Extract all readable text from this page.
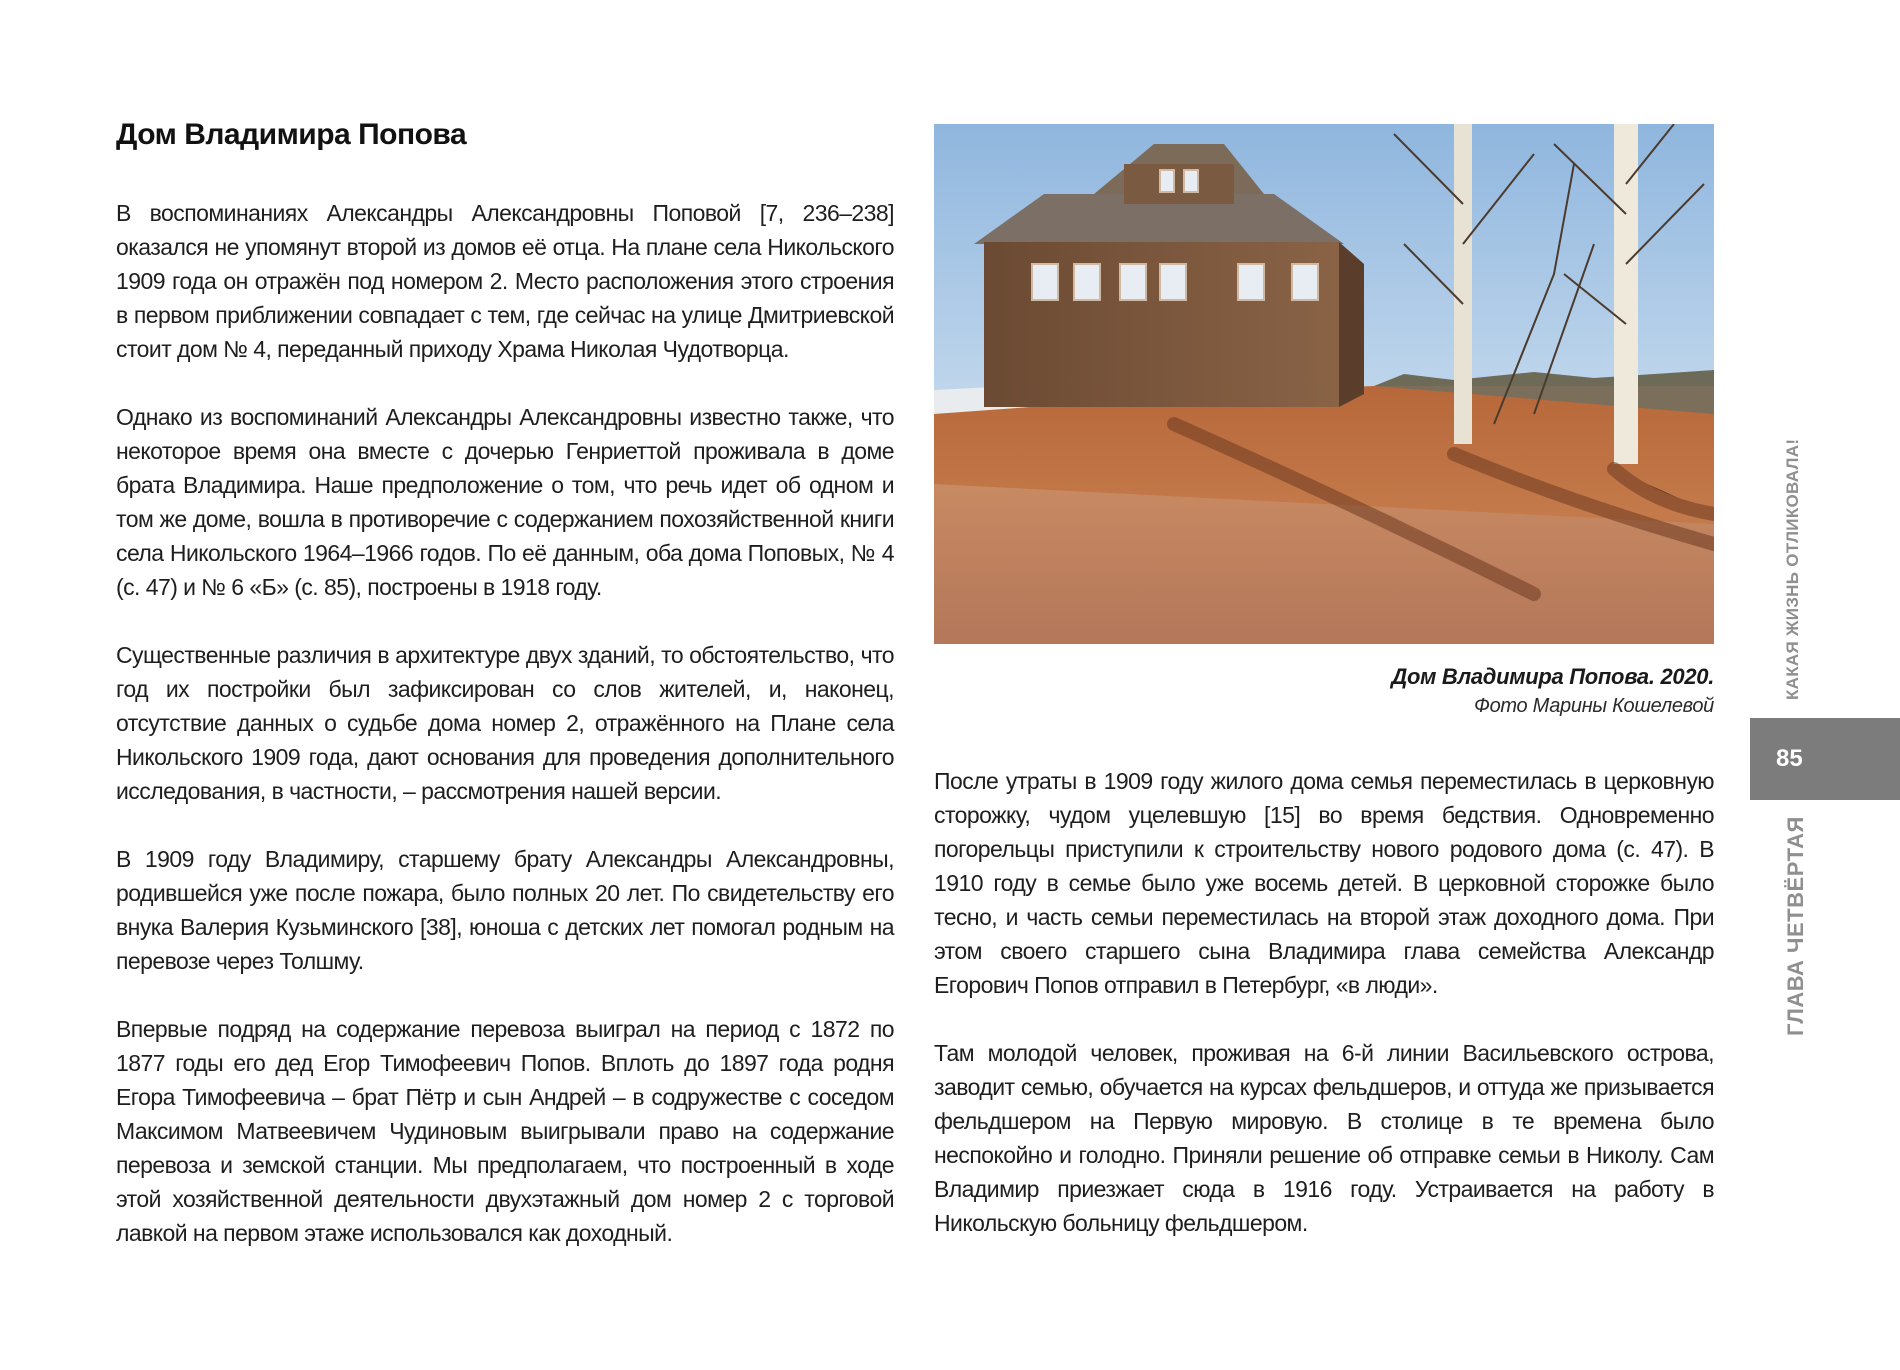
Дом Владимира Попова

В воспоминаниях Александры Александровны Поповой [7, 236–238] оказался не упомянут второй из домов её отца. На плане села Никольского 1909 года он отражён под номером 2. Место расположения этого строения в первом приближении совпадает с тем, где сейчас на улице Дмитриевской стоит дом № 4, переданный приходу Храма Николая Чудотворца.

Однако из воспоминаний Александры Александровны известно также, что некоторое время она вместе с дочерью Генриеттой проживала в доме брата Владимира. Наше предположение о том, что речь идет об одном и том же доме, вошла в противоречие с содержанием похозяйственной книги села Никольского 1964–1966 годов. По её данным, оба дома Поповых, № 4 (с. 47) и № 6 «Б» (с. 85), построены в 1918 году.

Существенные различия в архитектуре двух зданий, то обстоятельство, что год их постройки был зафиксирован со слов жителей, и, наконец, отсутствие данных о судьбе дома номер 2, отражённого на Плане села Никольского 1909 года, дают основания для проведения дополнительного исследования, в частности, – рассмотрения нашей версии.

В 1909 году Владимиру, старшему брату Александры Александровны, родившейся уже после пожара, было полных 20 лет. По свидетельству его внука Валерия Кузьминского [38], юноша с детских лет помогал родным на перевозе через Толшму.

Впервые подряд на содержание перевоза выиграл на период с 1872 по 1877 годы его дед Егор Тимофеевич Попов. Вплоть до 1897 года родня Егора Тимофеевича – брат Пётр и сын Андрей – в содружестве с соседом Максимом Матвеевичем Чудиновым выигрывали право на содержание перевоза и земской станции. Мы предполагаем, что построенный в ходе этой хозяйственной деятельности двухэтажный дом номер 2 с торговой лавкой на первом этаже использовался как доходный.

Дом Владимира Попова. 2020.
Фото Марины Кошелевой

После утраты в 1909 году жилого дома семья переместилась в церковную сторожку, чудом уцелевшую [15] во время бедствия. Одновременно погорельцы приступили к строительству нового родового дома (с. 47). В 1910 году в семье было уже восемь детей. В церковной сторожке было тесно, и часть семьи переместилась на второй этаж доходного дома. При этом своего старшего сына Владимира глава семейства Александр Егорович Попов отправил в Петербург, «в люди».

Там молодой человек, проживая на 6-й линии Васильевского острова, заводит семью, обучается на курсах фельдшеров, и оттуда же призывается фельдшером на Первую мировую. В столице в те времена было неспокойно и голодно. Приняли решение об отправке семьи в Николу. Сам Владимир приезжает сюда в 1916 году. Устраивается на работу в Никольскую больницу фельдшером.

КАКАЯ ЖИЗНЬ ОТЛИКОВАЛА!
85
ГЛАВА ЧЕТВЁРТАЯ
